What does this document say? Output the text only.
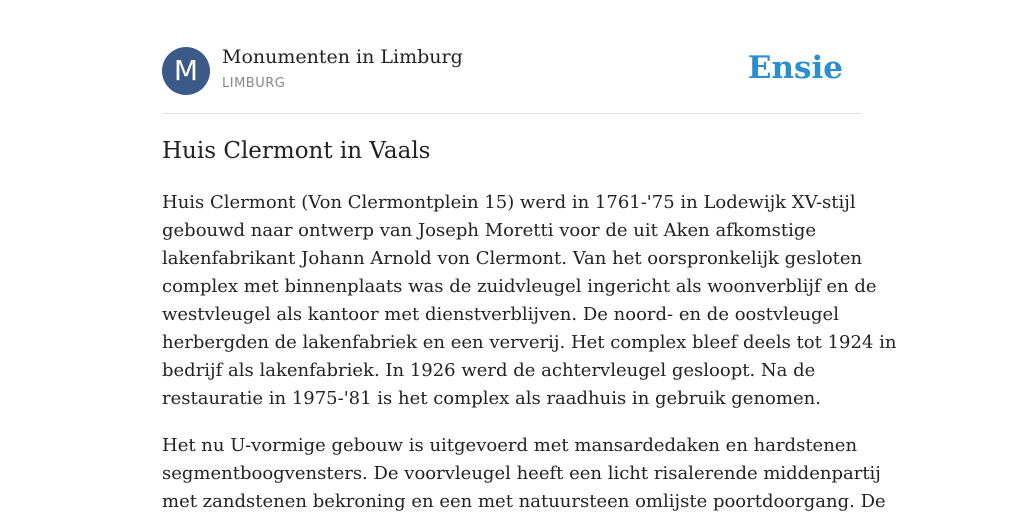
M	Monumenten in Limburg
LIMBURG	Ensie
Huis Clermont in Vaals

Huis Clermont (Von Clermontplein 15) werd in 1761-'75 in Lodewijk XV-stijl
gebouwd naar ontwerp van Joseph Moretti voor de uit Aken afkomstige
lakenfabrikant Johann Arnold von Clermont. Van het oorspronkelijk gesloten
complex met binnenplaats was de zuidvleugel ingericht als woonverblijf en de
westvleugel als kantoor met dienstverblijven. De noord- en de oostvleugel
herbergden de lakenfabriek en een ververij. Het complex bleef deels tot 1924 in
bedrijf als lakenfabriek. In 1926 werd de achtervleugel gesloopt. Na de
restauratie in 1975-'81 is het complex als raadhuis in gebruik genomen.

Het nu U-vormige gebouw is uitgevoerd met mansardedaken en hardstenen
segmentboogvensters. De voorvleugel heeft een licht risalerende middenpartij
met zandstenen bekroning en een met natuursteen omlijste poortdoorgang. De
